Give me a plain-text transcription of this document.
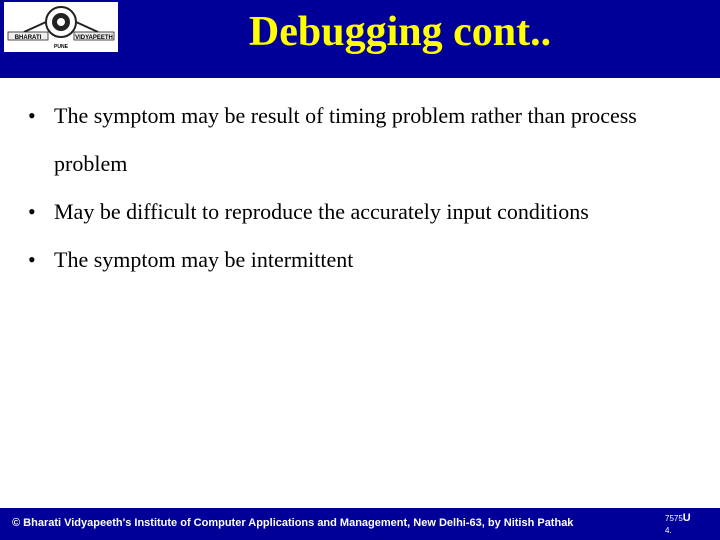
BHARATI	VIDYAPEETH
PUNE	Debugging cont..
• The symptom may be result of timing problem rather than process problem
• May be difficult to reproduce the accurately input conditions
• The symptom may be intermittent
© Bharati Vidyapeeth's Institute of Computer Applications and Management, New Delhi-63, by Nitish Pathak	7575U
4.
